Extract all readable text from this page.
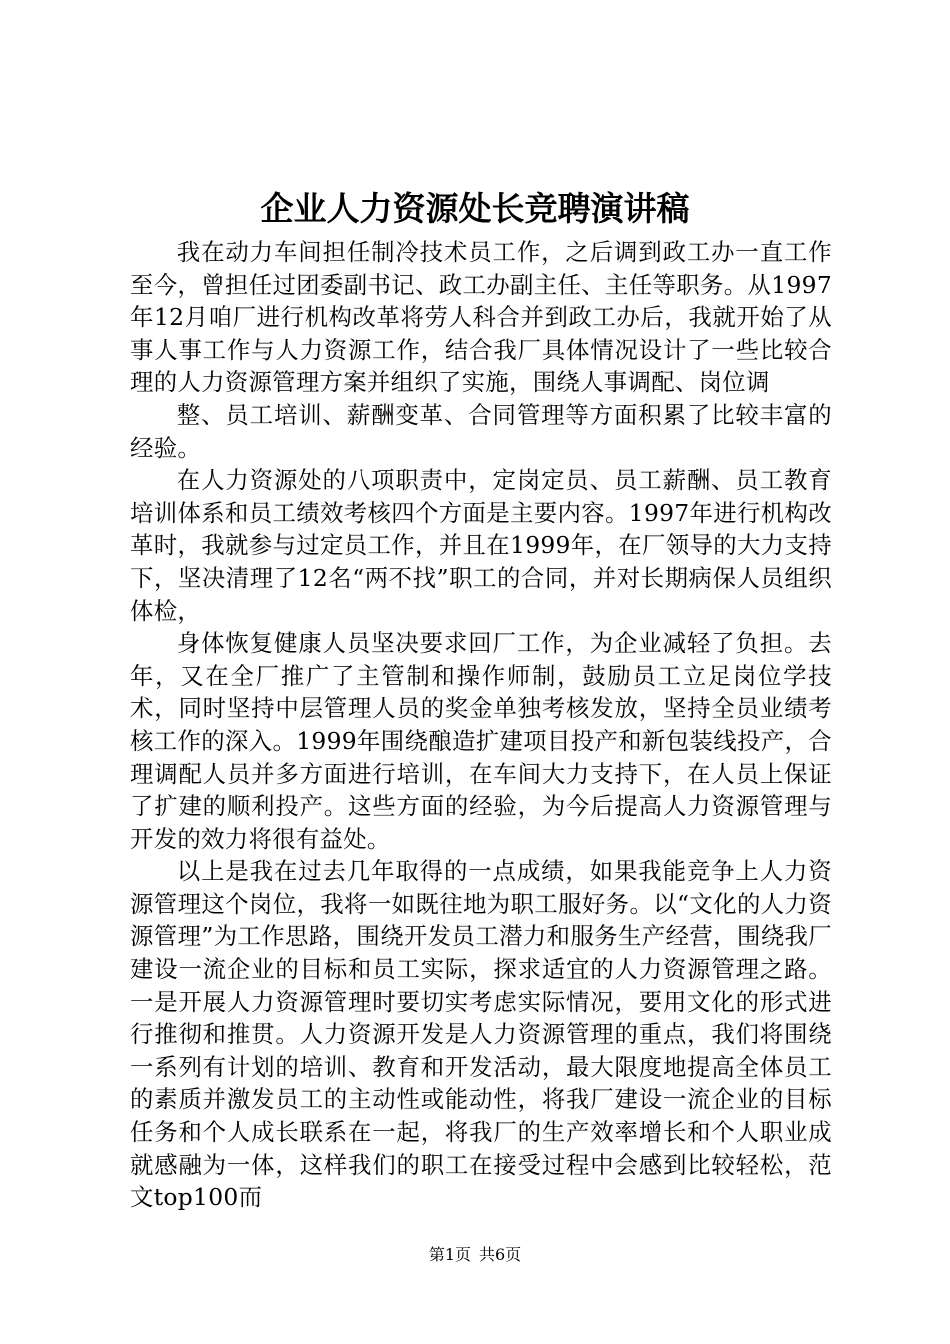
企业人力资源处长竞聘演讲稿

我在动力车间担任制冷技术员工作，之后调到政工办一直工作至今，曾担任过团委副书记、政工办副主任、主任等职务。从1997年12月咱厂进行机构改革将劳人科合并到政工办后，我就开始了从事人事工作与人力资源工作，结合我厂具体情况设计了一些比较合理的人力资源管理方案并组织了实施，围绕人事调配、岗位调

整、员工培训、薪酬变革、合同管理等方面积累了比较丰富的经验。

在人力资源处的八项职责中，定岗定员、员工薪酬、员工教育培训体系和员工绩效考核四个方面是主要内容。1997年进行机构改革时，我就参与过定员工作，并且在1999年，在厂领导的大力支持下，坚决清理了12名“两不找”职工的合同，并对长期病保人员组织体检，

身体恢复健康人员坚决要求回厂工作，为企业减轻了负担。去年，又在全厂推广了主管制和操作师制，鼓励员工立足岗位学技术，同时坚持中层管理人员的奖金单独考核发放，坚持全员业绩考核工作的深入。1999年围绕酿造扩建项目投产和新包装线投产，合理调配人员并多方面进行培训，在车间大力支持下，在人员上保证了扩建的顺利投产。这些方面的经验，为今后提高人力资源管理与开发的效力将很有益处。

以上是我在过去几年取得的一点成绩，如果我能竞争上人力资源管理这个岗位，我将一如既往地为职工服好务。以“文化的人力资源管理”为工作思路，围绕开发员工潜力和服务生产经营，围绕我厂建设一流企业的目标和员工实际，探求适宜的人力资源管理之路。一是开展人力资源管理时要切实考虑实际情况，要用文化的形式进行推彻和推贯。人力资源开发是人力资源管理的重点，我们将围绕一系列有计划的培训、教育和开发活动，最大限度地提高全体员工的素质并激发员工的主动性或能动性，将我厂建设一流企业的目标任务和个人成长联系在一起，将我厂的生产效率增长和个人职业成就感融为一体，这样我们的职工在接受过程中会感到比较轻松，范文top100而

第1页 共6页
